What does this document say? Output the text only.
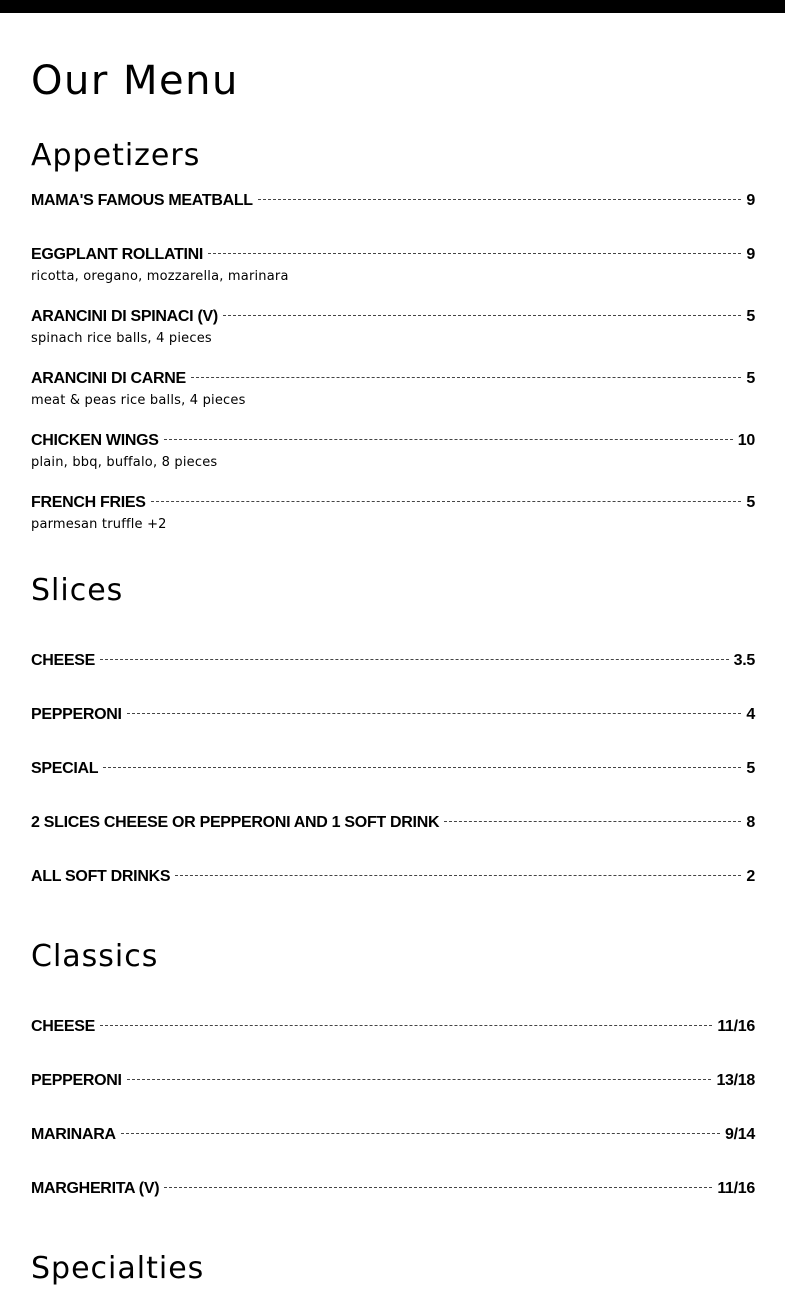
Our Menu
Appetizers
MAMA'S FAMOUS MEATBALL	9
EGGPLANT ROLLATINI	9
ricotta, oregano, mozzarella, marinara
ARANCINI DI SPINACI (V)	5
spinach rice balls, 4 pieces
ARANCINI DI CARNE	5
meat & peas rice balls, 4 pieces
CHICKEN WINGS	10
plain, bbq, buffalo, 8 pieces
FRENCH FRIES	5
parmesan truffle +2
Slices
CHEESE	3.5
PEPPERONI	4
SPECIAL	5
2 SLICES CHEESE OR PEPPERONI AND 1 SOFT DRINK	8
ALL SOFT DRINKS	2
Classics
CHEESE	11/16
PEPPERONI	13/18
MARINARA	9/14
MARGHERITA (V)	11/16
Specialties
